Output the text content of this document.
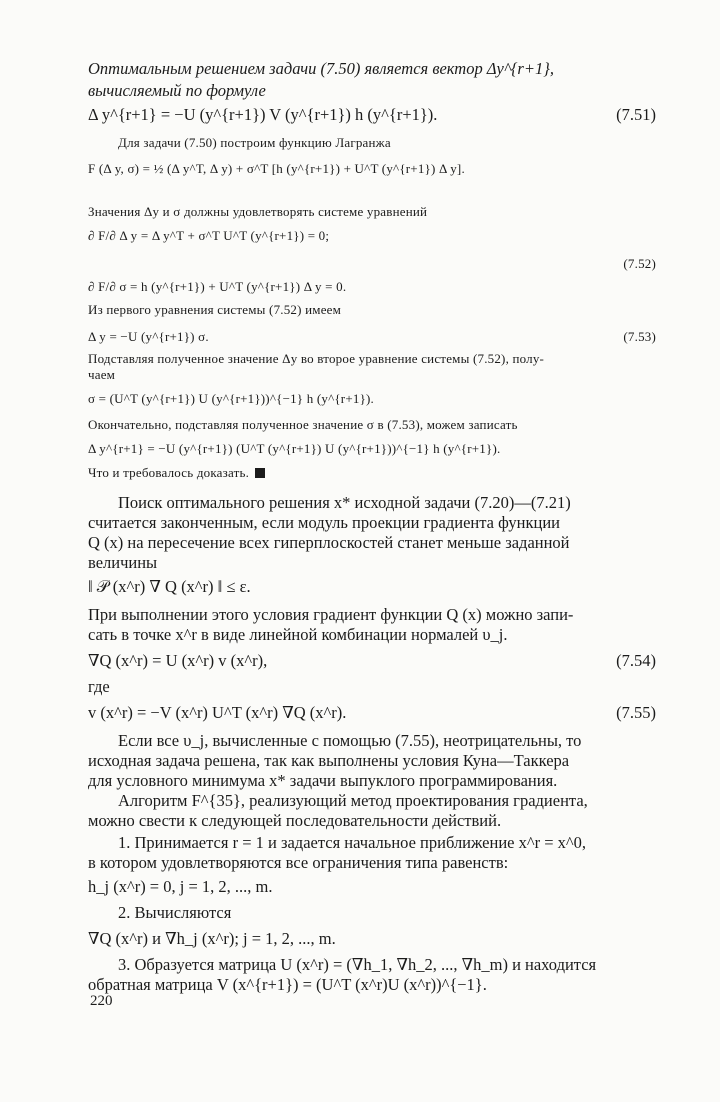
Оптимальным решением задачи (7.50) является вектор Δy^{r+1},
вычисляемый по формуле
Δ y^{r+1} = −U (y^{r+1}) V (y^{r+1}) h (y^{r+1}).	(7.51)
Для задачи (7.50) построим функцию Лагранжа
F (Δ y, σ) = ½ (Δ y^T, Δ y) + σ^T [h (y^{r+1}) + U^T (y^{r+1}) Δ y].
Значения Δy и σ должны удовлетворять системе уравнений
∂ F/∂ Δ y = Δ y^T + σ^T U^T (y^{r+1}) = 0;
(7.52)
∂ F/∂ σ = h (y^{r+1}) + U^T (y^{r+1}) Δ y = 0.
Из первого уравнения системы (7.52) имеем
Δ y = −U (y^{r+1}) σ.	(7.53)
Подставляя полученное значение Δy во второе уравнение системы (7.52), полу-
чаем
σ = (U^T (y^{r+1}) U (y^{r+1}))^{−1} h (y^{r+1}).
Окончательно, подставляя полученное значение σ в (7.53), можем записать
Δ y^{r+1} = −U (y^{r+1}) (U^T (y^{r+1}) U (y^{r+1}))^{−1} h (y^{r+1}).
Что и требовалось доказать.
Поиск оптимального решения x* исходной задачи (7.20)—(7.21)
считается законченным, если модуль проекции градиента функции
Q (x) на пересечение всех гиперплоскостей станет меньше заданной
величины
‖ 𝒫 (x^r) ∇ Q (x^r) ‖ ≤ ε.
При выполнении этого условия градиент функции Q (x) можно запи-
сать в точке x^r в виде линейной комбинации нормалей υ_j.
∇Q (x^r) = U (x^r) v (x^r),	(7.54)
где
v (x^r) = −V (x^r) U^T (x^r) ∇Q (x^r).	(7.55)
Если все υ_j, вычисленные с помощью (7.55), неотрицательны, то
исходная задача решена, так как выполнены условия Куна—Таккера
для условного минимума x* задачи выпуклого программирования.
Алгоритм F^{35}, реализующий метод проектирования градиента,
можно свести к следующей последовательности действий.
1. Принимается r = 1 и задается начальное приближение x^r = x^0,
в котором удовлетворяются все ограничения типа равенств:
h_j (x^r) = 0, j = 1, 2, ..., m.
2. Вычисляются
∇Q (x^r) и ∇h_j (x^r); j = 1, 2, ..., m.
3. Образуется матрица U (x^r) = (∇h_1, ∇h_2, ..., ∇h_m) и находится
обратная матрица V (x^{r+1}) = (U^T (x^r)U (x^r))^{−1}.
220
